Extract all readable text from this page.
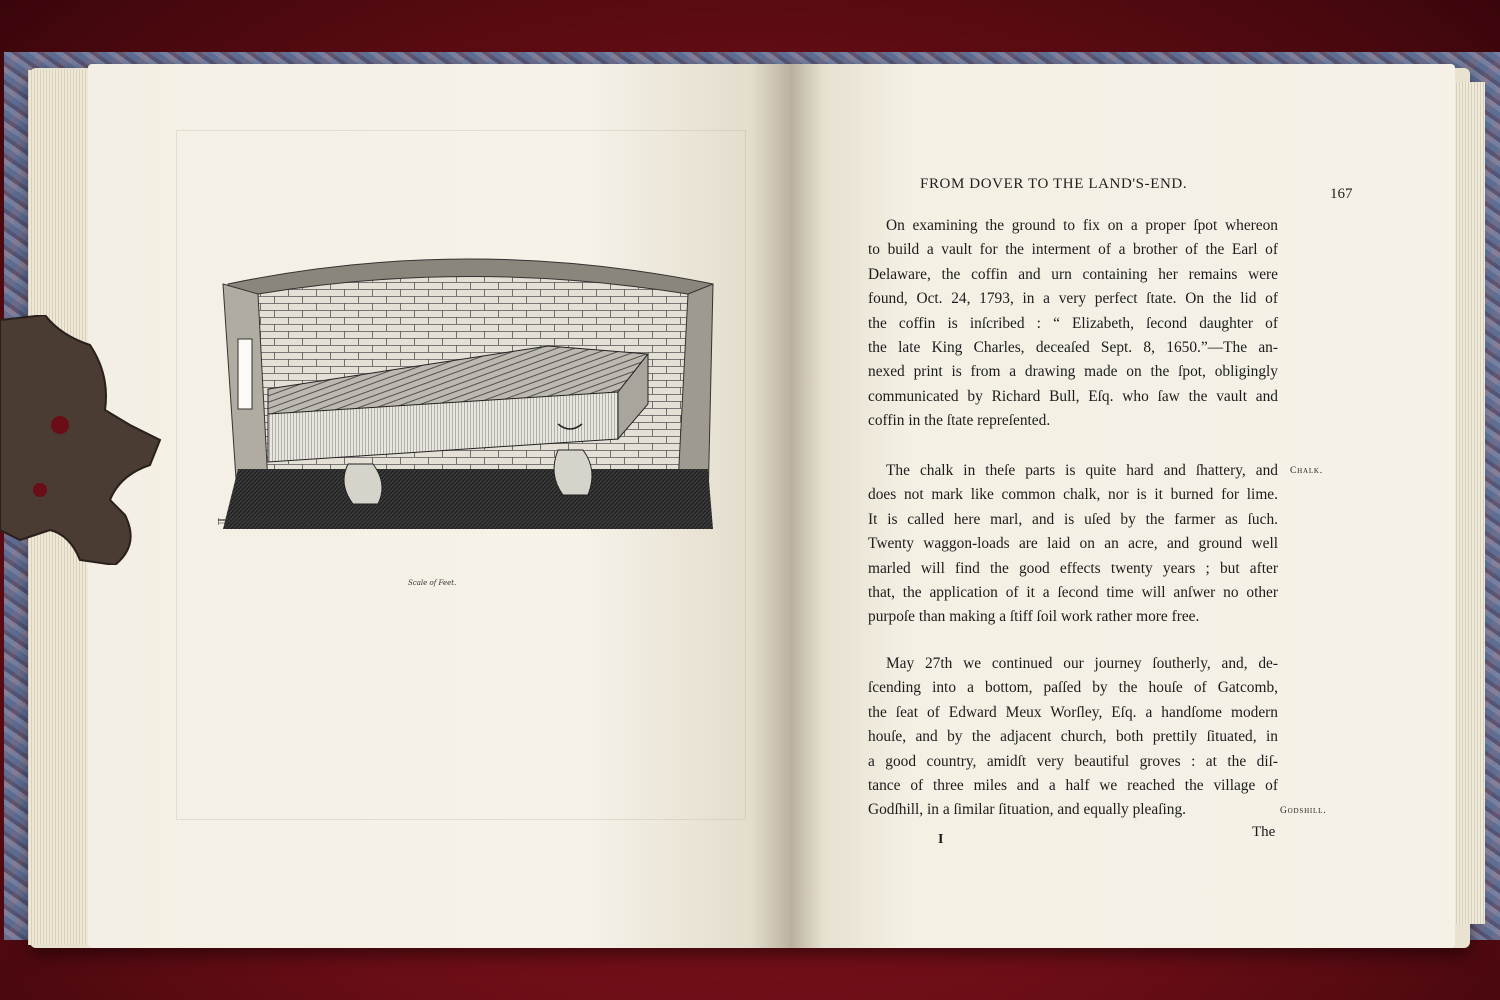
Scale of Feet.
FROM DOVER TO THE LAND'S-END.
167
On examining the ground to fix on a proper ſpot whereon
to build a vault for the interment of a brother of the Earl of
Delaware, the coffin and urn containing her remains were
found, Oct. 24, 1793, in a very perfect ſtate. On the lid of
the coffin is inſcribed : “ Elizabeth, ſecond daughter of
the late King Charles, deceaſed Sept. 8, 1650.”—The an-
nexed print is from a drawing made on the ſpot, obligingly
communicated by Richard Bull, Eſq. who ſaw the vault and
coffin in the ſtate repreſented.
The chalk in theſe parts is quite hard and ſhattery, and
does not mark like common chalk, nor is it burned for lime.
It is called here marl, and is uſed by the farmer as ſuch.
Twenty waggon-loads are laid on an acre, and ground well
marled will find the good effects twenty years ; but after
that, the application of it a ſecond time will anſwer no other
purpoſe than making a ſtiff ſoil work rather more free.
May 27th we continued our journey ſoutherly, and, de-
ſcending into a bottom, paſſed by the houſe of Gatcomb,
the ſeat of Edward Meux Worſley, Eſq. a handſome modern
houſe, and by the adjacent church, both prettily ſituated, in
a good country, amidſt very beautiful groves : at the diſ-
tance of three miles and a half we reached the village of
Godſhill, in a ſimilar ſituation, and equally pleaſing.
Chalk.
Godshill.
I	The
